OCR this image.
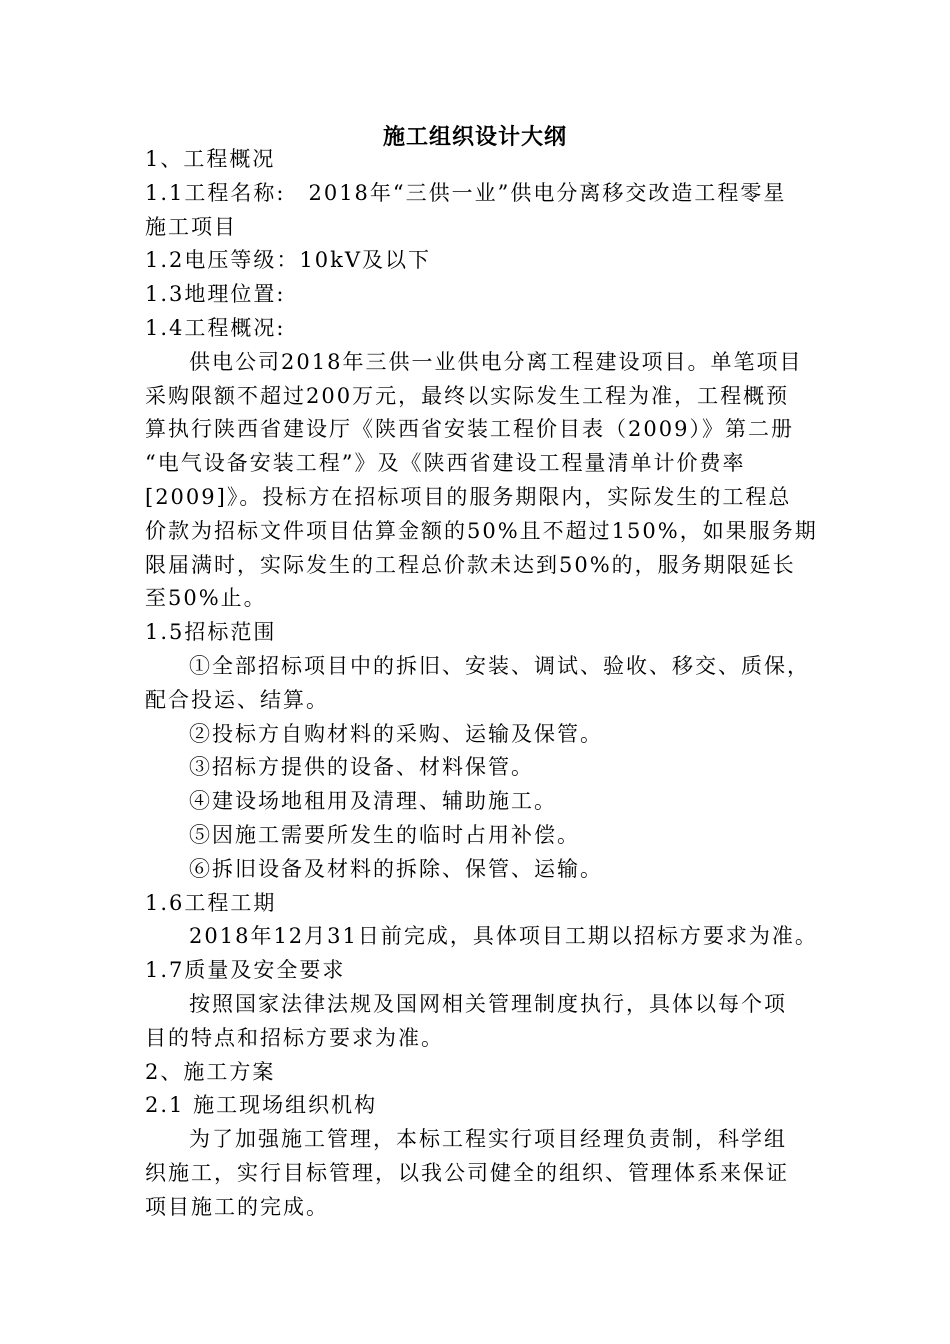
施工组织设计大纲
1、工程概况
1.1工程名称:　2018年“三供一业”供电分离移交改造工程零星
施工项目
1.2电压等级：10kV及以下
1.3地理位置:
1.4工程概况:
供电公司2018年三供一业供电分离工程建设项目。单笔项目
采购限额不超过200万元，最终以实际发生工程为准，工程概预
算执行陕西省建设厅《陕西省安装工程价目表（2009）》第二册
“电气设备安装工程”》及《陕西省建设工程量清单计价费率
[2009]》。投标方在招标项目的服务期限内，实际发生的工程总
价款为招标文件项目估算金额的50%且不超过150%，如果服务期
限届满时，实际发生的工程总价款未达到50%的，服务期限延长
至50%止。
1.5招标范围
①全部招标项目中的拆旧、安装、调试、验收、移交、质保，
配合投运、结算。
②投标方自购材料的采购、运输及保管。
③招标方提供的设备、材料保管。
④建设场地租用及清理、辅助施工。
⑤因施工需要所发生的临时占用补偿。
⑥拆旧设备及材料的拆除、保管、运输。
1.6工程工期
2018年12月31日前完成，具体项目工期以招标方要求为准。
1.7质量及安全要求
按照国家法律法规及国网相关管理制度执行，具体以每个项
目的特点和招标方要求为准。
2、施工方案
2.1 施工现场组织机构
为了加强施工管理，本标工程实行项目经理负责制，科学组
织施工，实行目标管理，以我公司健全的组织、管理体系来保证
项目施工的完成。
